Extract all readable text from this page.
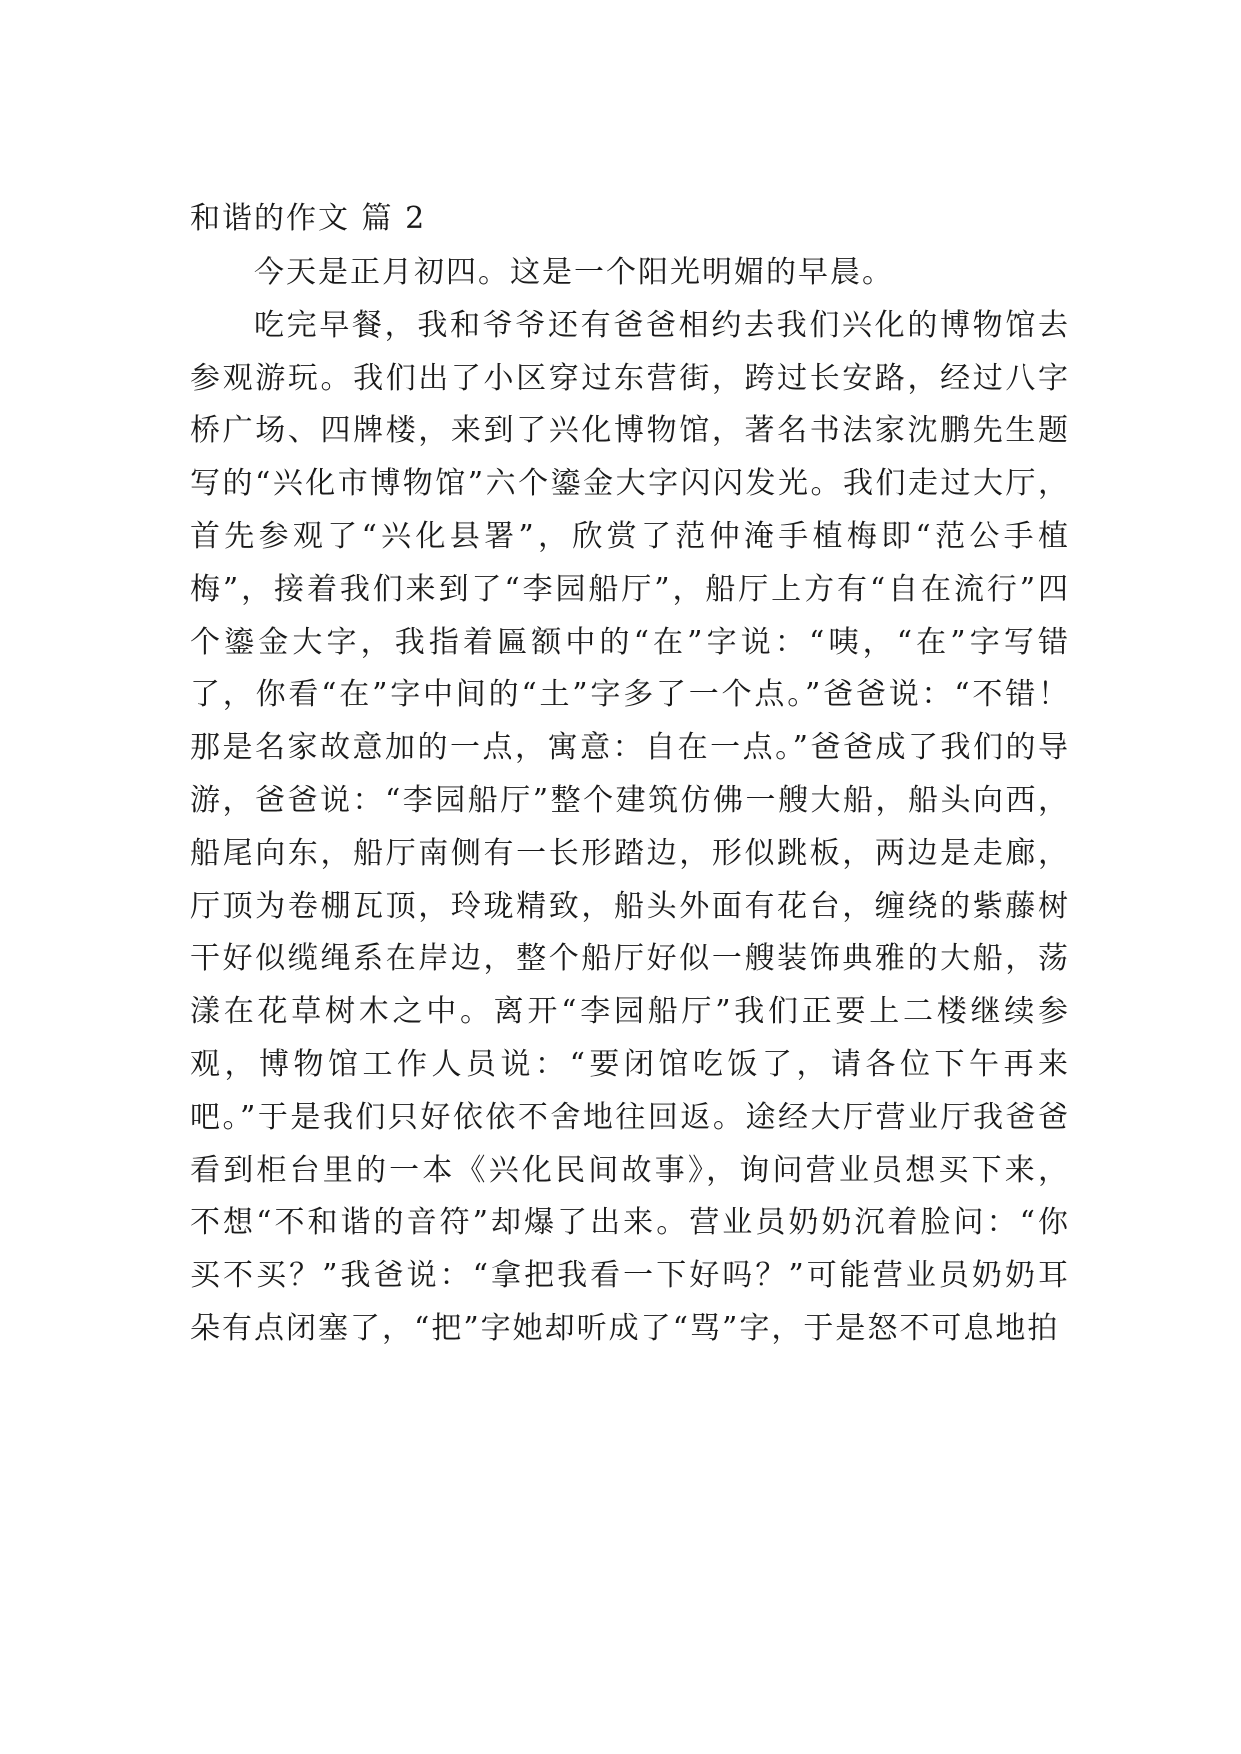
和谐的作文 篇 2

今天是正月初四。这是一个阳光明媚的早晨。

吃完早餐，我和爷爷还有爸爸相约去我们兴化的博物馆去参观游玩。我们出了小区穿过东营街，跨过长安路，经过八字桥广场、四牌楼，来到了兴化博物馆，著名书法家沈鹏先生题写的“兴化市博物馆”六个鎏金大字闪闪发光。我们走过大厅，首先参观了“兴化县署”，欣赏了范仲淹手植梅即“范公手植梅”，接着我们来到了“李园船厅”，船厅上方有“自在流行”四个鎏金大字，我指着匾额中的“在”字说：“咦，“在”字写错了，你看“在”字中间的“土”字多了一个点。”爸爸说：“不错！那是名家故意加的一点，寓意：自在一点。”爸爸成了我们的导游，爸爸说：“李园船厅”整个建筑仿佛一艘大船，船头向西，船尾向东，船厅南侧有一长形踏边，形似跳板，两边是走廊，厅顶为卷棚瓦顶，玲珑精致，船头外面有花台，缠绕的紫藤树干好似缆绳系在岸边，整个船厅好似一艘装饰典雅的大船，荡漾在花草树木之中。离开“李园船厅”我们正要上二楼继续参观，博物馆工作人员说：“要闭馆吃饭了，请各位下午再来吧。”于是我们只好依依不舍地往回返。途经大厅营业厅我爸爸看到柜台里的一本《兴化民间故事》，询问营业员想买下来，不想“不和谐的音符”却爆了出来。营业员奶奶沉着脸问：“你买不买？”我爸说：“拿把我看一下好吗？”可能营业员奶奶耳朵有点闭塞了，“把”字她却听成了“骂”字，于是怒不可息地拍
